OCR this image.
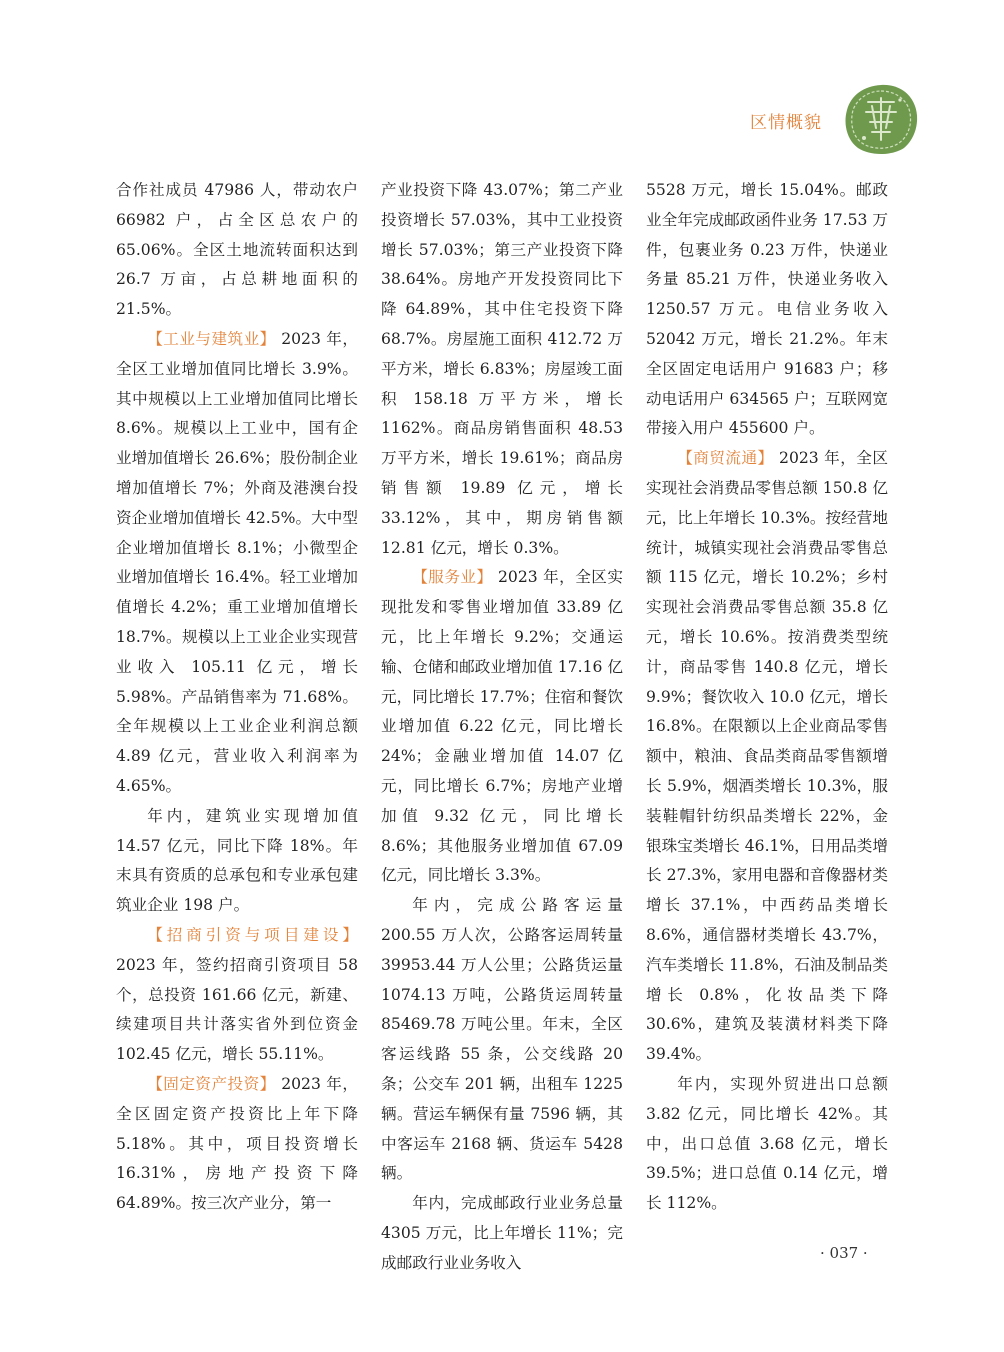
区情概貌

合作社成员 47986 人，带动农户 66982 户，占全区总农户的 65.06%。全区土地流转面积达到 26.7 万亩，占总耕地面积的 21.5%。

【工业与建筑业】 2023 年，全区工业增加值同比增长 3.9%。其中规模以上工业增加值同比增长 8.6%。规模以上工业中，国有企业增加值增长 26.6%；股份制企业增加值增长 7%；外商及港澳台投资企业增加值增长 42.5%。大中型企业增加值增长 8.1%；小微型企业增加值增长 16.4%。轻工业增加值增长 4.2%；重工业增加值增长 18.7%。规模以上工业企业实现营业收入 105.11 亿元，增长 5.98%。产品销售率为 71.68%。全年规模以上工业企业利润总额 4.89 亿元，营业收入利润率为 4.65%。

年内，建筑业实现增加值 14.57 亿元，同比下降 18%。年末具有资质的总承包和专业承包建筑业企业 198 户。

【招商引资与项目建设】2023 年，签约招商引资项目 58 个，总投资 161.66 亿元，新建、续建项目共计落实省外到位资金 102.45 亿元，增长 55.11%。

【固定资产投资】 2023 年，全区固定资产投资比上年下降 5.18%。其中，项目投资增长 16.31%，房地产投资下降 64.89%。按三次产业分，第一

产业投资下降 43.07%；第二产业投资增长 57.03%，其中工业投资增长 57.03%；第三产业投资下降 38.64%。房地产开发投资同比下降 64.89%，其中住宅投资下降 68.7%。房屋施工面积 412.72 万平方米，增长 6.83%；房屋竣工面积 158.18 万平方米，增长 1162%。商品房销售面积 48.53 万平方米，增长 19.61%；商品房销售额 19.89 亿元，增长 33.12%，其中，期房销售额 12.81 亿元，增长 0.3%。

【服务业】 2023 年，全区实现批发和零售业增加值 33.89 亿元，比上年增长 9.2%；交通运输、仓储和邮政业增加值 17.16 亿元，同比增长 17.7%；住宿和餐饮业增加值 6.22 亿元，同比增长 24%；金融业增加值 14.07 亿元，同比增长 6.7%；房地产业增加值 9.32 亿元，同比增长 8.6%；其他服务业增加值 67.09 亿元，同比增长 3.3%。

年内，完成公路客运量 200.55 万人次，公路客运周转量 39953.44 万人公里；公路货运量 1074.13 万吨，公路货运周转量 85469.78 万吨公里。年末，全区客运线路 55 条，公交线路 20 条；公交车 201 辆，出租车 1225 辆。营运车辆保有量 7596 辆，其中客运车 2168 辆、货运车 5428 辆。

年内，完成邮政行业业务总量 4305 万元，比上年增长 11%；完成邮政行业业务收入

5528 万元，增长 15.04%。邮政业全年完成邮政函件业务 17.53 万件，包裹业务 0.23 万件，快递业务量 85.21 万件，快递业务收入 1250.57 万元。电信业务收入 52042 万元，增长 21.2%。年末全区固定电话用户 91683 户；移动电话用户 634565 户；互联网宽带接入用户 455600 户。

【商贸流通】 2023 年，全区实现社会消费品零售总额 150.8 亿元，比上年增长 10.3%。按经营地统计，城镇实现社会消费品零售总额 115 亿元，增长 10.2%；乡村实现社会消费品零售总额 35.8 亿元，增长 10.6%。按消费类型统计，商品零售 140.8 亿元，增长 9.9%；餐饮收入 10.0 亿元，增长 16.8%。在限额以上企业商品零售额中，粮油、食品类商品零售额增长 5.9%，烟酒类增长 10.3%，服装鞋帽针纺织品类增长 22%，金银珠宝类增长 46.1%，日用品类增长 27.3%，家用电器和音像器材类增长 37.1%，中西药品类增长 8.6%，通信器材类增长 43.7%，汽车类增长 11.8%，石油及制品类增长 0.8%，化妆品类下降 30.6%，建筑及装潢材料类下降 39.4%。

年内，实现外贸进出口总额 3.82 亿元，同比增长 42%。其中，出口总值 3.68 亿元，增长 39.5%；进口总值 0.14 亿元，增长 112%。

· 037 ·
